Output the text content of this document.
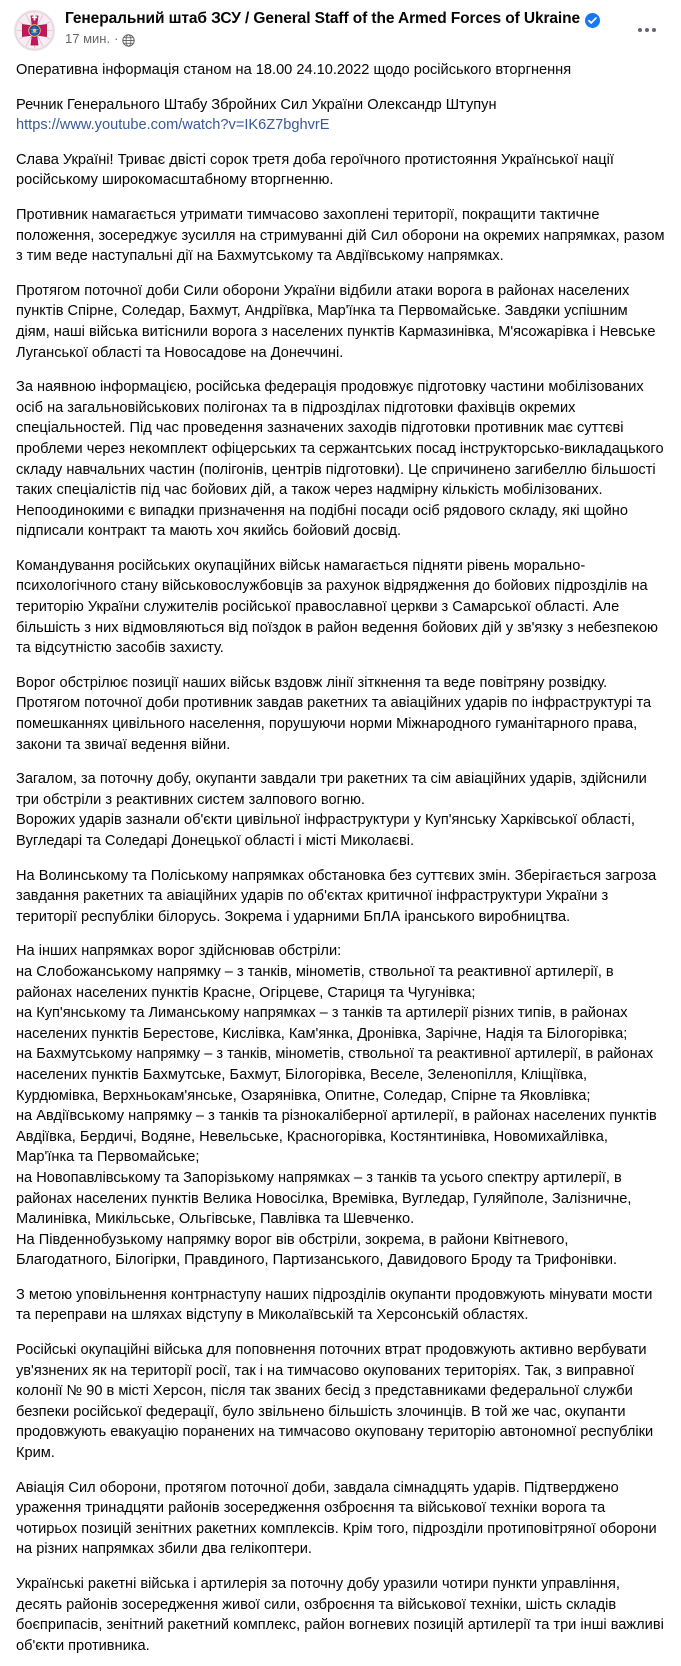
Генеральний штаб ЗСУ / General Staff of the Armed Forces of Ukraine
17 мин. ·

Оперативна інформація станом на 18.00 24.10.2022 щодо російського вторгнення

Речник Генерального Штабу Збройних Сил України Олександр Штупун
https://www.youtube.com/watch?v=IK6Z7bghvrE

Слава Україні! Триває двісті сорок третя доба героїчного протистояння Української нації російському широкомасштабному вторгненню.

Противник намагається утримати тимчасово захоплені території, покращити тактичне положення, зосереджує зусилля на стримуванні дій Сил оборони на окремих напрямках, разом з тим веде наступальні дії на Бахмутському та Авдіївському напрямках.

Протягом поточної доби Сили оборони України відбили атаки ворога в районах населених пунктів Спірне, Соледар, Бахмут, Андріївка, Мар'їнка та Первомайське. Завдяки успішним діям, наші війська витіснили ворога з населених пунктів Кармазинівка, М'ясожарівка і Невське Луганської області та Новосадове на Донеччині.

За наявною інформацією, російська федерація продовжує підготовку частини мобілізованих осіб на загальновійськових полігонах та в підрозділах підготовки фахівців окремих спеціальностей. Під час проведення зазначених заходів підготовки противник має суттєві проблеми через некомплект офіцерських та сержантських посад інструкторсько-викладацького складу навчальних частин (полігонів, центрів підготовки). Це спричинено загибеллю більшості таких спеціалістів під час бойових дій, а також через надмірну кількість мобілізованих. Непоодинокими є випадки призначення на подібні посади осіб рядового складу, які щойно підписали контракт та мають хоч якийсь бойовий досвід.

Командування російських окупаційних військ намагається підняти рівень морально-психологічного стану військовослужбовців за рахунок відрядження до бойових підрозділів на територію України служителів російської православної церкви з Самарської області. Але більшість з них відмовляються від поїздок в район ведення бойових дій у зв'язку з небезпекою та відсутністю засобів захисту.

Ворог обстрілює позиції наших військ вздовж лінії зіткнення та веде повітряну розвідку. Протягом поточної доби противник завдав ракетних та авіаційних ударів по інфраструктурі та помешканнях цивільного населення, порушуючи норми Міжнародного гуманітарного права, закони та звичаї ведення війни.

Загалом, за поточну добу, окупанти завдали три ракетних та сім авіаційних ударів, здійснили три обстріли з реактивних систем залпового вогню.
Ворожих ударів зазнали об'єкти цивільної інфраструктури у Куп'янську Харківської області, Вугледарі та Соледарі Донецької області і місті Миколаєві.

На Волинському та Поліському напрямках обстановка без суттєвих змін. Зберігається загроза завдання ракетних та авіаційних ударів по об'єктах критичної інфраструктури України з території республіки білорусь. Зокрема і ударними БпЛА іранського виробництва.

На інших напрямках ворог здійснював обстріли:
на Слобожанському напрямку – з танків, мінометів, ствольної та реактивної артилерії, в районах населених пунктів Красне, Огірцеве, Стариця та Чугунівка;
на Куп'янському та Лиманському напрямках – з танків та артилерії різних типів, в районах населених пунктів Берестове, Кислівка, Кам'янка, Дронівка, Зарічне, Надія та Білогорівка;
на Бахмутському напрямку – з танків, мінометів, ствольної та реактивної артилерії, в районах населених пунктів Бахмутське, Бахмут, Білогорівка, Веселе, Зеленопілля, Кліщіївка, Курдюмівка, Верхньокам'янське, Озарянівка, Опитне, Соледар, Спірне та Яковлівка;
на Авдіївському напрямку – з танків та різнокаліберної артилерії, в районах населених пунктів Авдіївка, Бердичі, Водяне, Невельське, Красногорівка, Костянтинівка, Новомихайлівка, Мар'їнка та Первомайське;
на Новопавлівському та Запорізькому напрямках – з танків та усього спектру артилерії, в районах населених пунктів Велика Новосілка, Времівка, Вугледар, Гуляйполе, Залізничне, Малинівка, Микільське, Ольгівське, Павлівка та Шевченко.
На Південнобузькому напрямку ворог вів обстріли, зокрема, в райони Квітневого, Благодатного, Білогірки, Правдиного, Партизанського, Давидового Броду та Трифонівки.

З метою уповільнення контрнаступу наших підрозділів окупанти продовжують мінувати мости та переправи на шляхах відступу в Миколаївській та Херсонській областях.

Російські окупаційні війська для поповнення поточних втрат продовжують активно вербувати ув'язнених як на території росії, так і на тимчасово окупованих територіях. Так, з виправної колонії № 90 в місті Херсон, після так званих бесід з представниками федеральної служби безпеки російської федерації, було звільнено більшість злочинців. В той же час, окупанти продовжують евакуацію поранених на тимчасово окуповану територію автономної республіки Крим.

Авіація Сил оборони, протягом поточної доби, завдала сімнадцять ударів. Підтверджено ураження тринадцяти районів зосередження озброєння та військової техніки ворога та чотирьох позицій зенітних ракетних комплексів. Крім того, підрозділи протиповітряної оборони на різних напрямках збили два гелікоптери.

Українські ракетні війська і артилерія за поточну добу уразили чотири пункти управління, десять районів зосередження живої сили, озброєння та військової техніки, шість складів боєприпасів, зенітний ракетний комплекс, район вогневих позицій артилерії та три інші важливі об'єкти противника.
